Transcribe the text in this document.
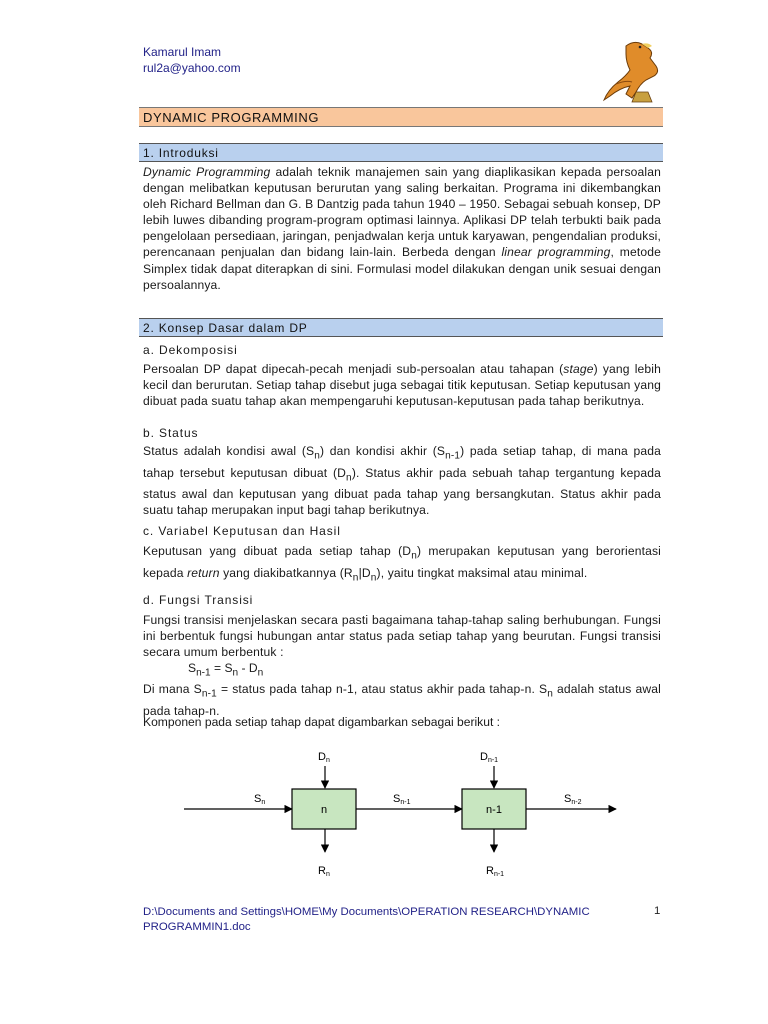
Kamarul Imam
rul2a@yahoo.com
DYNAMIC PROGRAMMING
1. Introduksi
Dynamic Programming adalah teknik manajemen sain yang diaplikasikan kepada persoalan dengan melibatkan keputusan berurutan yang saling berkaitan. Programa ini dikembangkan oleh Richard Bellman dan G. B Dantzig pada tahun 1940 – 1950. Sebagai sebuah konsep, DP lebih luwes dibanding program-program optimasi lainnya. Aplikasi DP telah terbukti baik pada pengelolaan persediaan, jaringan, penjadwalan kerja untuk karyawan, pengendalian produksi, perencanaan penjualan dan bidang lain-lain. Berbeda dengan linear programming, metode Simplex tidak dapat diterapkan di sini. Formulasi model dilakukan dengan unik sesuai dengan persoalannya.
2. Konsep Dasar dalam DP
a. Dekomposisi
Persoalan DP dapat dipecah-pecah menjadi sub-persoalan atau tahapan (stage) yang lebih kecil dan berurutan. Setiap tahap disebut juga sebagai titik keputusan. Setiap keputusan yang dibuat pada suatu tahap akan mempengaruhi keputusan-keputusan pada tahap berikutnya.
b. Status
Status adalah kondisi awal $(S_n)$ dan kondisi akhir $(S_{n-1})$ pada setiap tahap, di mana pada tahap tersebut keputusan dibuat $(D_n)$. Status akhir pada sebuah tahap tergantung kepada status awal dan keputusan yang dibuat pada tahap yang bersangkutan. Status akhir pada suatu tahap merupakan input bagi tahap berikutnya.
c. Variabel Keputusan dan Hasil
Keputusan yang dibuat pada setiap tahap $(D_n)$ merupakan keputusan yang berorientasi kepada return yang diakibatkannya $(R_n|D_n)$, yaitu tingkat maksimal atau minimal.
d. Fungsi Transisi
Fungsi transisi menjelaskan secara pasti bagaimana tahap-tahap saling berhubungan. Fungsi ini berbentuk fungsi hubungan antar status pada setiap tahap yang beurutan. Fungsi transisi secara umum berbentuk :
$S_{n-1} = S_n - D_n$
Di mana $S_{n-1}$ = status pada tahap n-1, atau status akhir pada tahap-n. $S_n$ adalah status awal pada tahap-n.
Komponen pada setiap tahap dapat digambarkan sebagai berikut :
n	n-1
Dn	Dn-1
Sn	Sn-1	Sn-2
Rn	Rn-1
D:\Documents and Settings\HOME\My Documents\OPERATION RESEARCH\DYNAMIC PROGRAMMIN1.doc
1
